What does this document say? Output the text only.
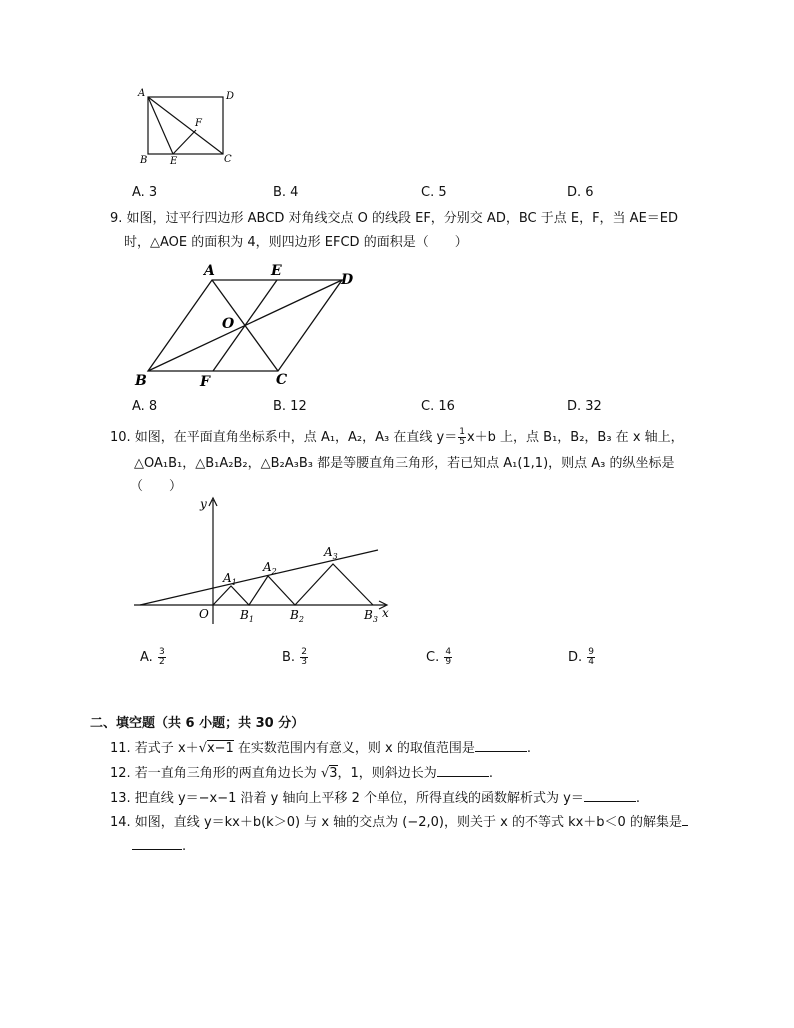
A	D
F
B E	C
A. 3	B. 4	C. 5	D. 6
9. 如图，过平行四边形 ABCD 对角线交点 O 的线段 EF，分别交 AD，BC 于点 E，F，当 AE＝ED
时，△AOE 的面积为 4，则四边形 EFCD 的面积是（　　）
A	E
D
O
B	F	C
A. 8	B. 12	C. 16	D. 32
10. 如图，在平面直角坐标系中，点 A₁，A₂，A₃ 在直线 $y= \frac{1}{5} x+b$ 上，点 B₁，B₂，B₃ 在 x 轴上，
△OA₁B₁，△B₁A₂B₂，△B₂A₃B₃ 都是等腰直角三角形，若已知点 A₁(1,1)，则点 A₃ 的纵坐标是
（　　）
y
x
O
$A_1$
$A_2$
$A_3$
$B_1$	$B_2$	$B_3$
A. $\frac{3}{2}$	B. $\frac{2}{3}$	C. $\frac{4}{9}$	D. $\frac{9}{4}$
二、填空题（共 6 小题；共 30 分）
11. 若式子 x＋√x−1 在实数范围内有意义，则 x 的取值范围是	.
12. 若一直角三角形的两直角边长为 √3，1，则斜边长为	.
13. 把直线 y＝−x−1 沿着 y 轴向上平移 2 个单位，所得直线的函数解析式为 y＝	.
14. 如图，直线 y＝kx＋b(k＞0) 与 x 轴的交点为 (−2,0)，则关于 x 的不等式 kx＋b＜0 的解集是
.
